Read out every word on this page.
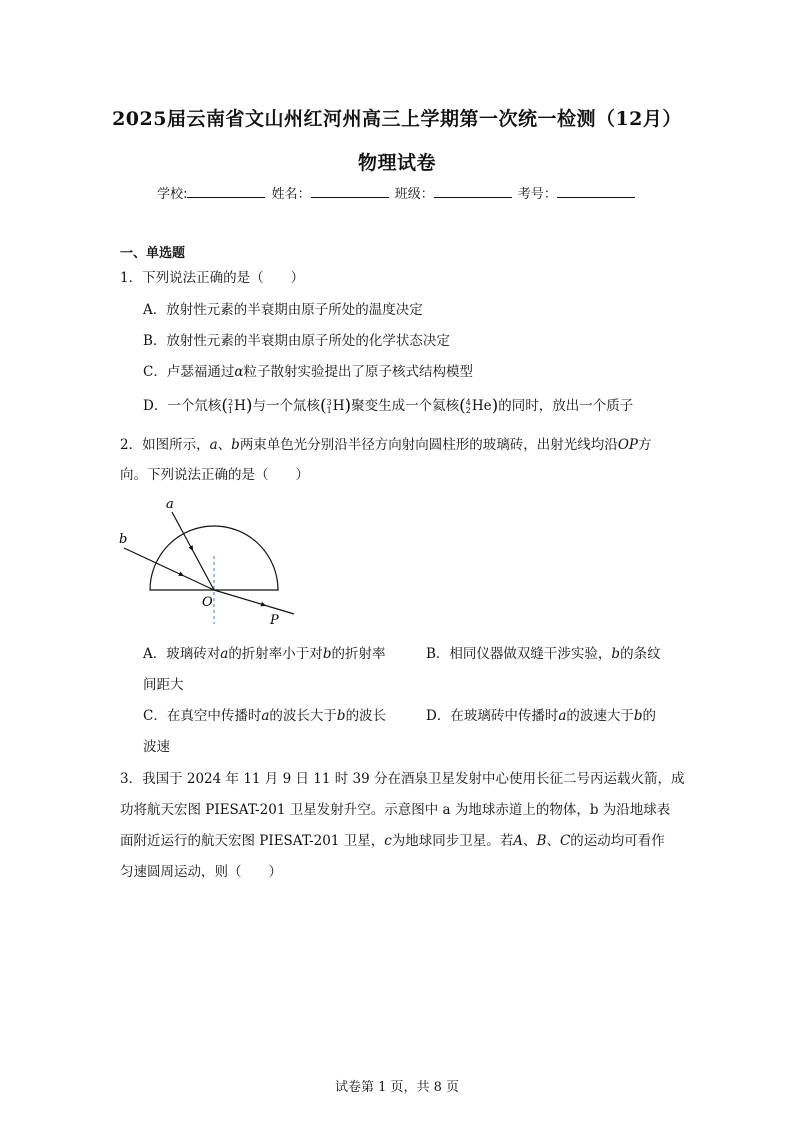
2025届云南省文山州红河州高三上学期第一次统一检测（12月）
物理试卷
学校:	姓名：	班级：	考号：
一、单选题
1．下列说法正确的是（　　）
A．放射性元素的半衰期由原子所处的温度决定
B．放射性元素的半衰期由原子所处的化学状态决定
C．卢瑟福通过α粒子散射实验提出了原子核式结构模型
D．一个氘核( 2
1 H)与一个氚核( 3
1 H)聚变生成一个氦核( 4
2 He)的同时，放出一个质子
2．如图所示，a、b两束单色光分别沿半径方向射向圆柱形的玻璃砖，出射光线均沿OP方
向。下列说法正确的是（　　）
a
b
O
P
A．玻璃砖对a的折射率小于对b的折射率	B．相同仪器做双缝干涉实验，b的条纹
间距大
C．在真空中传播时a的波长大于b的波长	D．在玻璃砖中传播时a的波速大于b的
波速
3．我国于 2024 年 11 月 9 日 11 时 39 分在酒泉卫星发射中心使用长征二号丙运载火箭，成
功将航天宏图 PIESAT-201 卫星发射升空。示意图中 a 为地球赤道上的物体，b 为沿地球表
面附近运行的航天宏图 PIESAT-201 卫星，c为地球同步卫星。若A、B、C的运动均可看作
匀速圆周运动，则（　　）
试卷第 1 页，共 8 页
